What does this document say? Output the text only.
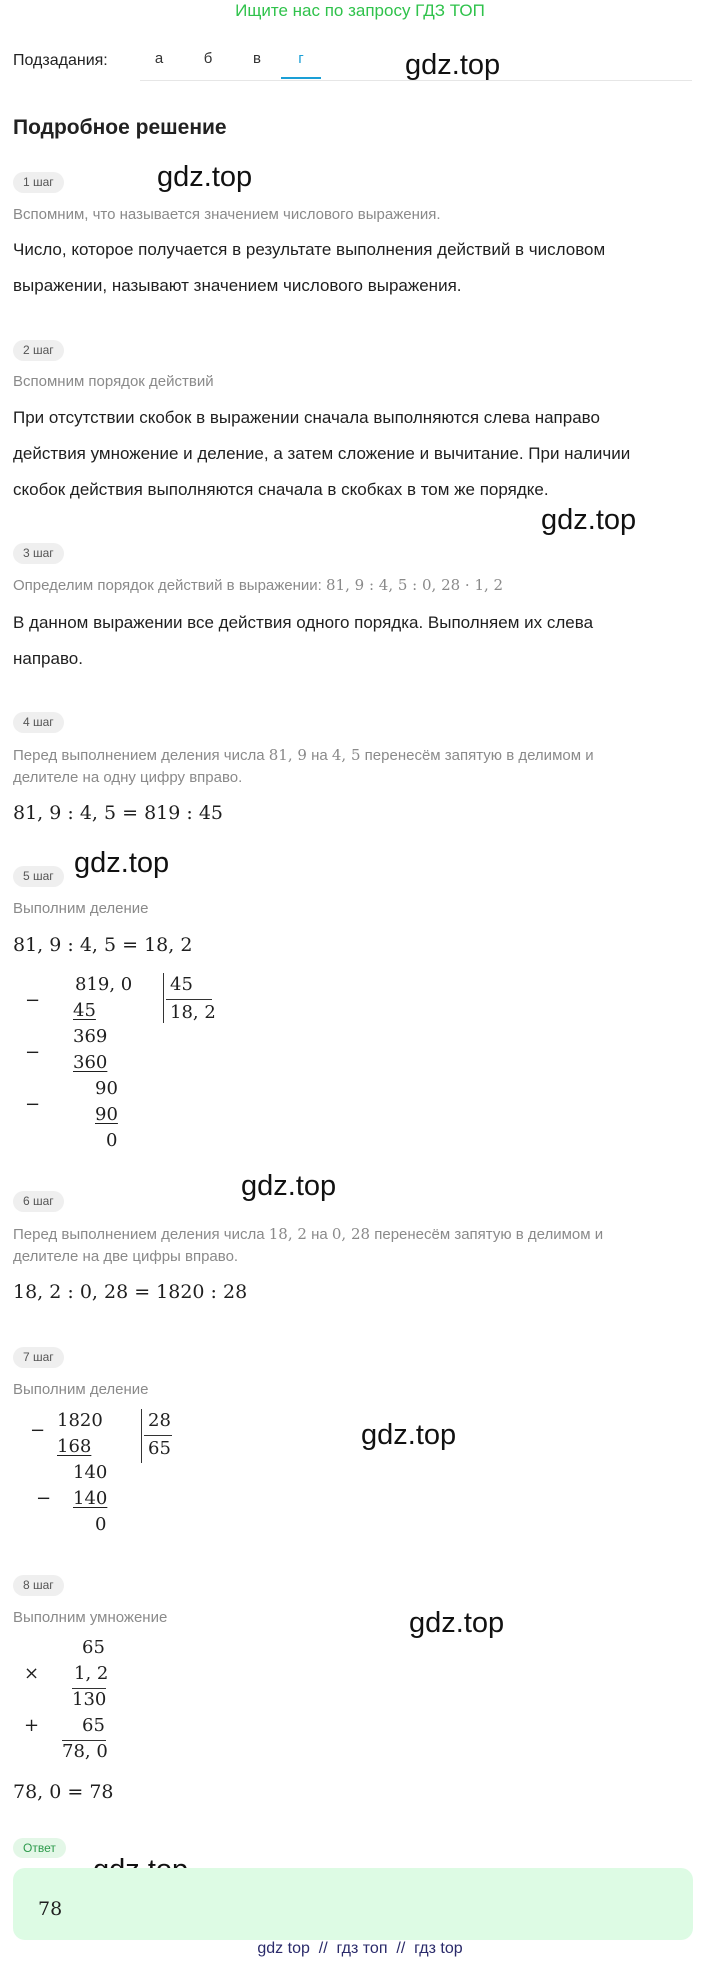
Ищите нас по запросу ГДЗ ТОП
Подзадания:	а	б	в	г	gdz.top
gdz.top
gdz.top
gdz.top
gdz.top
gdz.top
gdz.top
Подробное решение
1 шаг
Вспомним, что называется значением числового выражения.
Число, которое получается в результате выполнения действий в числовом
выражении, называют значением числового выражения.
2 шаг
Вспомним порядок действий
При отсутствии скобок в выражении сначала выполняются слева направо
действия умножение и деление, а затем сложение и вычитание. При наличии
скобок действия выполняются сначала в скобках в том же порядке.
3 шаг
Определим порядок действий в выражении: 81, 9 : 4, 5 : 0, 28 · 1, 2
В данном выражении все действия одного порядка. Выполняем их слева
направо.
4 шаг
Перед выполнением деления числа 81, 9 на 4, 5 перенесём запятую в делимом и
делителе на одну цифру вправо.
81, 9 : 4, 5 = 819 : 45
5 шаг
Выполним деление
81, 9 : 4, 5 = 18, 2
−
819, 0
45
45
18, 2
−
369
360
−
90
90
0
6 шаг
Перед выполнением деления числа 18, 2 на 0, 28 перенесём запятую в делимом и
делителе на две цифры вправо.
18, 2 : 0, 28 = 1820 : 28
7 шаг
Выполним деление
− 1820
168
28
65
140
− 140
0
8 шаг
Выполним умножение
65
× 1, 2
130
+ 65
78, 0
78, 0 = 78
Ответ
78
gdz top  //  гдз топ  //  гдз top
